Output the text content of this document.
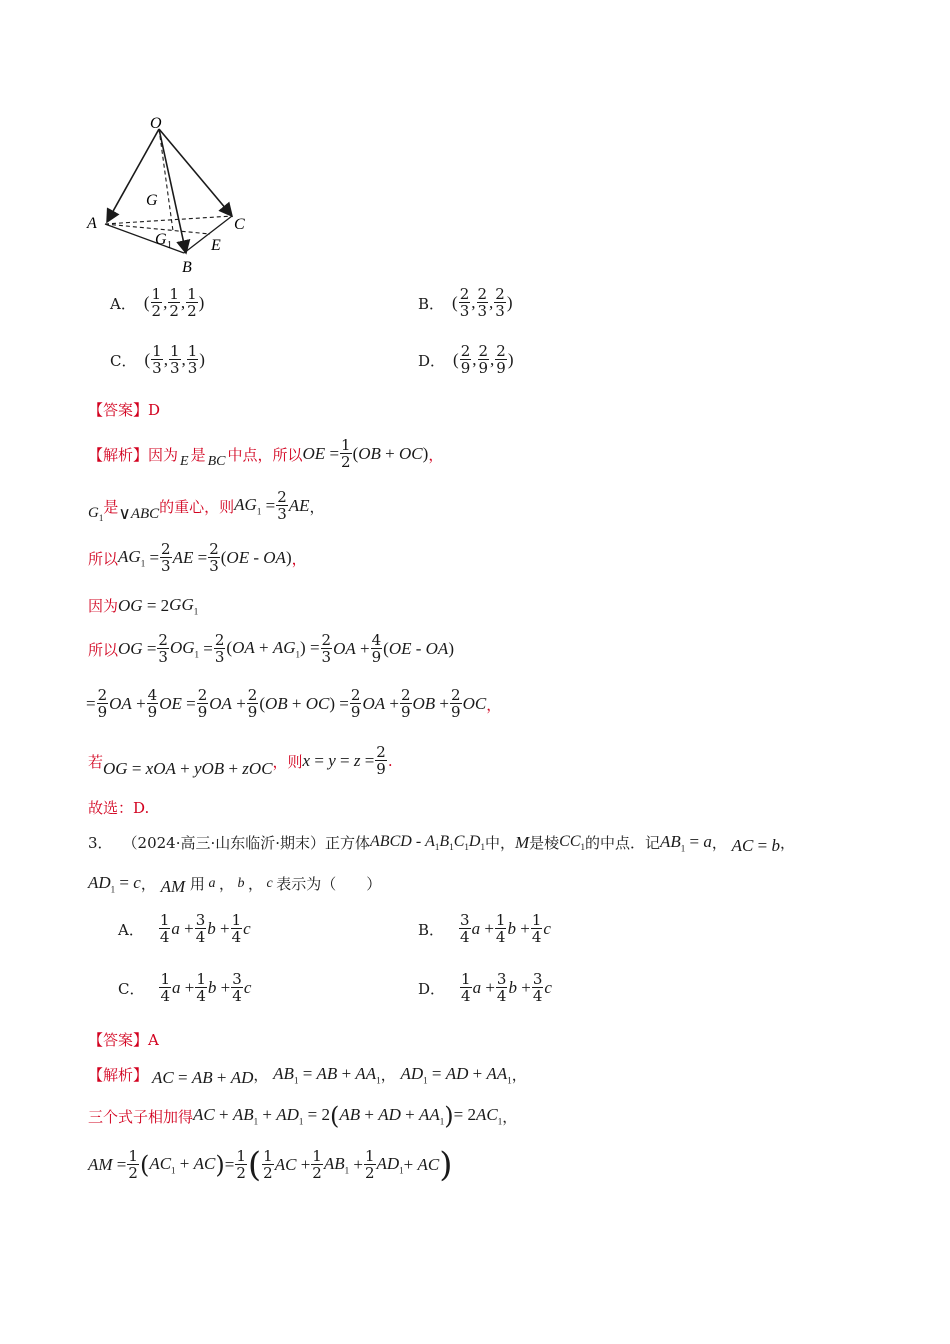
O
G
A	C
G 1 E
B
A． ( $\frac{1}{2}$ , $\frac{1}{2}$ , $\frac{1}{2}$ )	B． ( $\frac{2}{3}$ , $\frac{2}{3}$ , $\frac{2}{3}$ )
C． ( $\frac{1}{3}$ , $\frac{1}{3}$ , $\frac{1}{3}$ )	D． ( $\frac{2}{9}$ , $\frac{2}{9}$ , $\frac{2}{9}$ )
【答案】D
【解析】 因为 E 是 BC 中点，所以 OE = $\frac{1}{2} (OB + OC)$ ，
$G_1$
是 ∨ ABC 的重心，则 $AG_1 = \frac{2}{3}$ AE ，
所以 $AG_1 = \frac{2}{3}$ AE = $\frac{2}{3} (OE - OA)$ ，
因为 OG = 2 $GG_1$
所以 OG = $\frac{2}{3} OG_1 = \frac{2}{3} (OA + AG_1) = \frac{2}{3}$ OA + $\frac{4}{9} (OE - OA)$
= $\frac{2}{9}$ OA + $\frac{4}{9}$ OE = $\frac{2}{9}$ OA + $\frac{2}{9} (OB + OC) = \frac{2}{9}$ OA + $\frac{2}{9}$ OB + $\frac{2}{9}$ OC ，
若 OG = xOA + yOB + zOC ，则 $x = y = z = \frac{2}{9}$ .
故选：D.
3． （2024·高三·山东临沂·期末）正方体 ABCD - $A_1B_1C_1D_1$ 中， M 是棱 $CC_1$ 的中点．记 $AB_1 = a$ ， AC = b ，
$AD_1 = c$ ， AM
用 a ， b ， c 表示为（　　）
A． $\frac{1}{4}$ $a + \frac{3}{4}$ $b + \frac{1}{4}$ c	B． $\frac{3}{4}$ $a + \frac{1}{4}$ $b + \frac{1}{4}$ c
C． $\frac{1}{4}$ $a + \frac{1}{4}$ $b + \frac{3}{4}$ c	D． $\frac{1}{4}$ $a + \frac{3}{4}$ $b + \frac{3}{4}$ c
【答案】A
【解析】 AC = AB + AD ， $AB_1$ = AB + $AA_1$ ， $AD_1$ = AD + $AA_1$ ，
三个式子相加得 AC + $AB_1 + AD_1 = 2$ ( AB + AD + $AA_1$ ) = $2AC_1$ ，
AM = $\frac{1}{2}$ ( $AC_1$ + AC ) = $\frac{1}{2}$ ( $\frac{1}{2}$ AC + $\frac{1}{2} AB_1 + \frac{1}{2} AD_1$ + AC )
